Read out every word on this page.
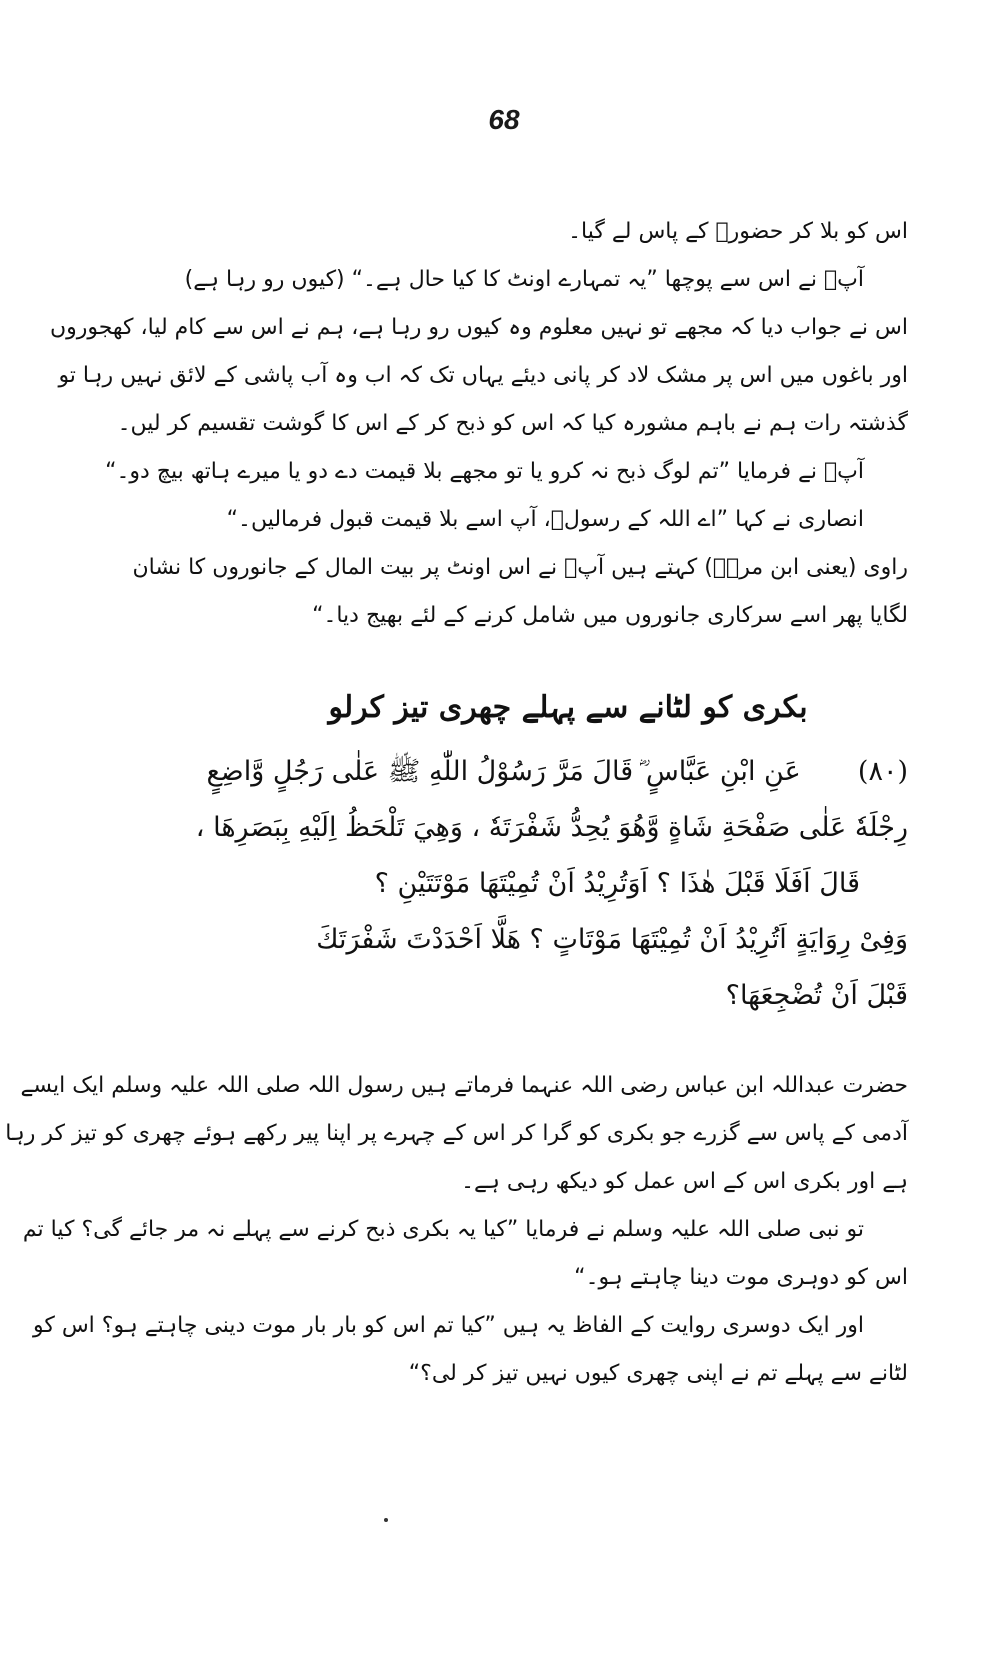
68
اس کو بلا کر حضورؐ کے پاس لے گیا۔
آپؐ نے اس سے پوچھا ”یہ تمہارے اونٹ کا کیا حال ہے۔“ (کیوں رو رہا ہے)
اس نے جواب دیا کہ مجھے تو نہیں معلوم وہ کیوں رو رہا ہے، ہم نے اس سے کام لیا، کھجوروں
اور باغوں میں اس پر مشک لاد کر پانی دیئے یہاں تک کہ اب وہ آب پاشی کے لائق نہیں رہا تو
گذشتہ رات ہم نے باہم مشورہ کیا کہ اس کو ذبح کر کے اس کا گوشت تقسیم کر لیں۔
آپؐ نے فرمایا ”تم لوگ ذبح نہ کرو یا تو مجھے بلا قیمت دے دو یا میرے ہاتھ بیچ دو۔“
انصاری نے کہا ”اے اللہ کے رسولؐ، آپ اسے بلا قیمت قبول فرمالیں۔“
راوی (یعنی ابن مرہؓ) کہتے ہیں آپؐ نے اس اونٹ پر بیت المال کے جانوروں کا نشان
لگایا پھر اسے سرکاری جانوروں میں شامل کرنے کے لئے بھیج دیا۔“
بکری کو لٹانے سے پہلے چھری تیز کرلو
(۸۰)  عَنِ ابْنِ عَبَّاسٍ ؓ قَالَ مَرَّ رَسُوْلُ اللّٰهِ ﷺ عَلٰى رَجُلٍ وَّاضِعٍ
رِجْلَهٗ عَلٰى صَفْحَةِ شَاةٍ وَّهُوَ يُحِدُّ شَفْرَتَهٗ ، وَهِيَ تَلْحَظُ اِلَيْهِ بِبَصَرِهَا ،
قَالَ اَفَلَا قَبْلَ هٰذَا ؟ اَوَتُرِيْدُ اَنْ تُمِيْتَهَا مَوْتَتَيْنِ ؟
وَفِىْ رِوَايَةٍ اَتُرِيْدُ اَنْ تُمِيْتَهَا مَوْتَاتٍ ؟ هَلَّا اَحْدَدْتَ شَفْرَتَكَ
قَبْلَ اَنْ تُضْجِعَهَا؟
حضرت عبداللہ ابن عباس رضی اللہ عنہما فرماتے ہیں رسول اللہ صلی اللہ علیہ وسلم ایک ایسے
آدمی کے پاس سے گزرے جو بکری کو گرا کر اس کے چہرے پر اپنا پیر رکھے ہوئے چھری کو تیز کر رہا
ہے اور بکری اس کے اس عمل کو دیکھ رہی ہے۔
تو نبی صلی اللہ علیہ وسلم نے فرمایا ”کیا یہ بکری ذبح کرنے سے پہلے نہ مر جائے گی؟ کیا تم
اس کو دوہری موت دینا چاہتے ہو۔“
اور ایک دوسری روایت کے الفاظ یہ ہیں ”کیا تم اس کو بار بار موت دینی چاہتے ہو؟ اس کو
لٹانے سے پہلے تم نے اپنی چھری کیوں نہیں تیز کر لی؟“
